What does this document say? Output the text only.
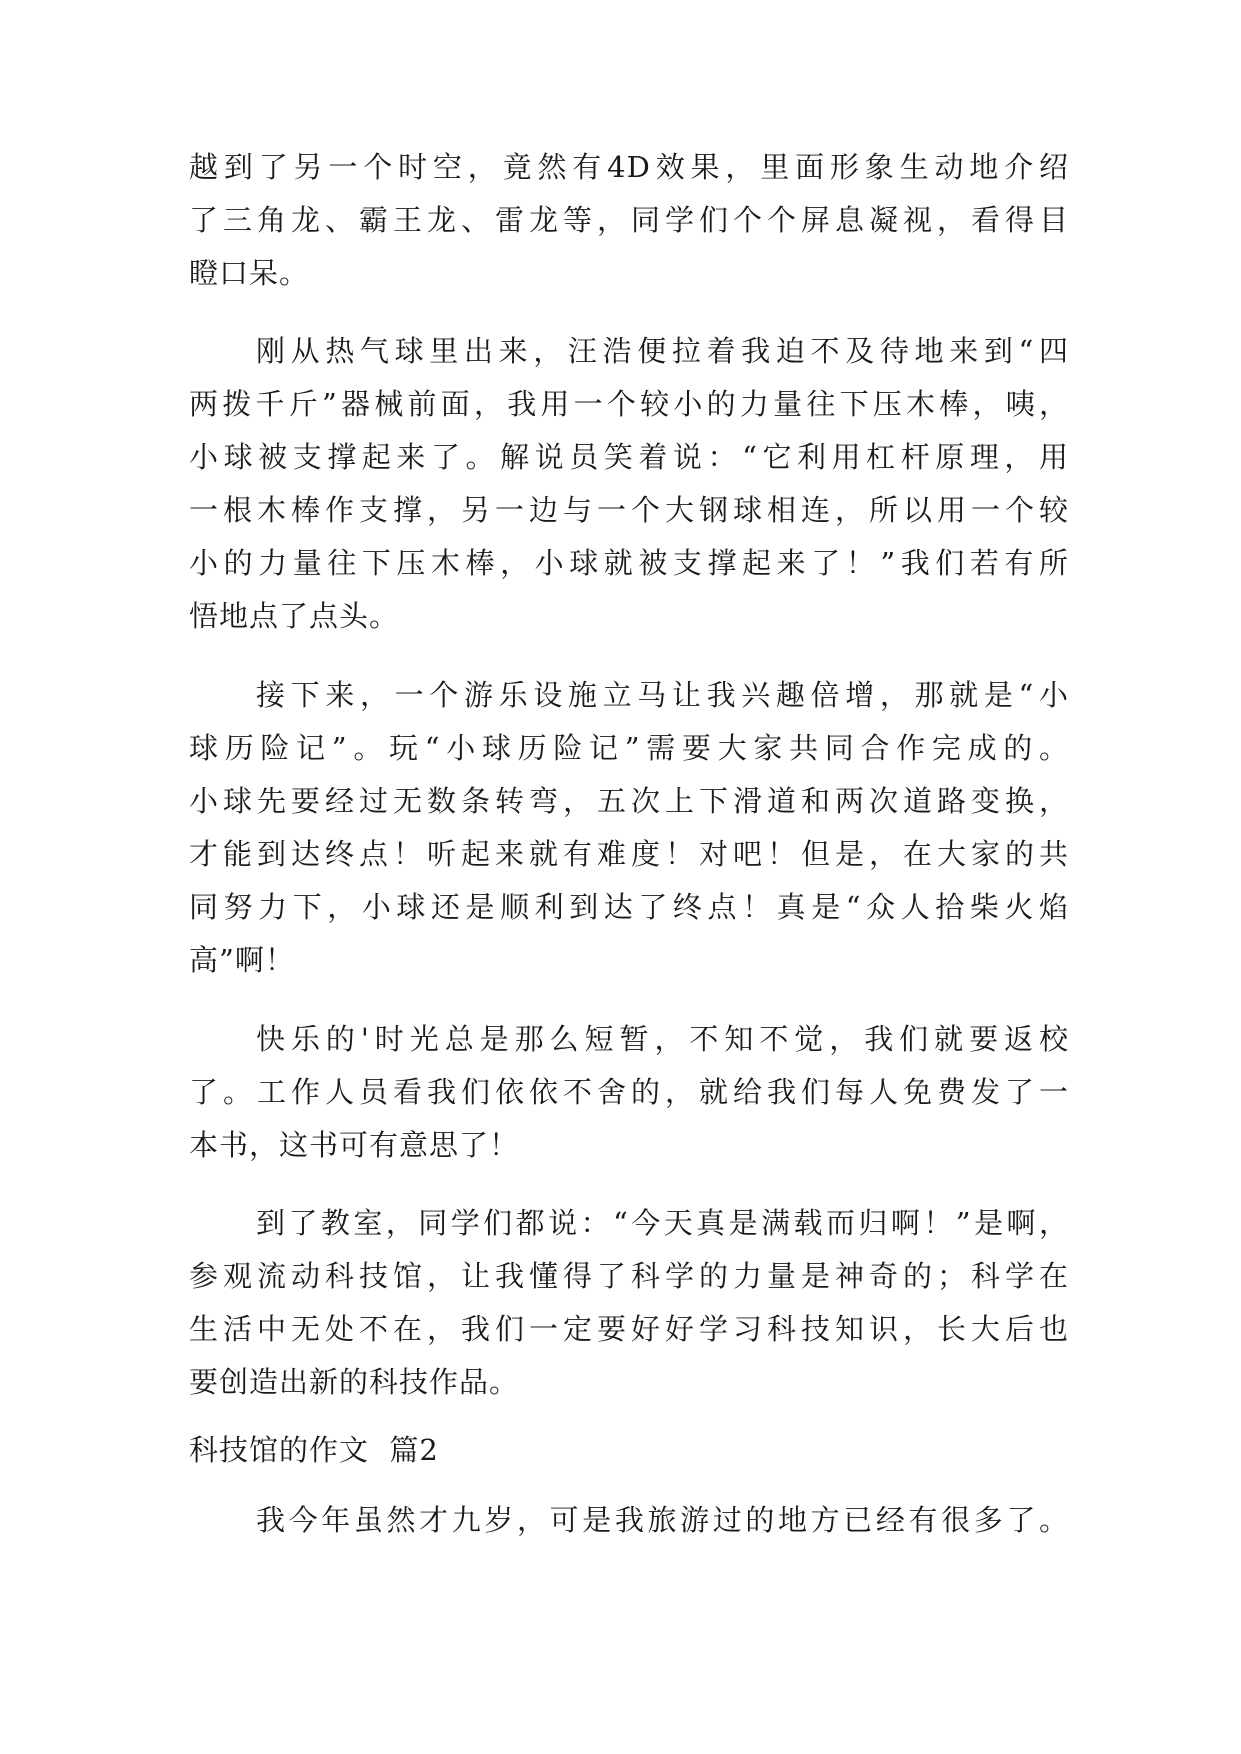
越到了另一个时空，竟然有4D效果，里面形象生动地介绍
了三角龙、霸王龙、雷龙等，同学们个个屏息凝视，看得目
瞪口呆。
刚从热气球里出来，汪浩便拉着我迫不及待地来到“四
两拨千斤”器械前面，我用一个较小的力量往下压木棒，咦，
小球被支撑起来了。解说员笑着说：“它利用杠杆原理，用
一根木棒作支撑，另一边与一个大钢球相连，所以用一个较
小的力量往下压木棒，小球就被支撑起来了！”我们若有所
悟地点了点头。
接下来，一个游乐设施立马让我兴趣倍增，那就是“小
球历险记”。玩“小球历险记”需要大家共同合作完成的。
小球先要经过无数条转弯，五次上下滑道和两次道路变换，
才能到达终点！听起来就有难度！对吧！但是，在大家的共
同努力下，小球还是顺利到达了终点！真是“众人拾柴火焰
高”啊！
快乐的'时光总是那么短暂，不知不觉，我们就要返校
了。工作人员看我们依依不舍的，就给我们每人免费发了一
本书，这书可有意思了！
到了教室，同学们都说：“今天真是满载而归啊！”是啊，
参观流动科技馆，让我懂得了科学的力量是神奇的；科学在
生活中无处不在，我们一定要好好学习科技知识，长大后也
要创造出新的科技作品。
科技馆的作文  篇2
我今年虽然才九岁，可是我旅游过的地方已经有很多了。
